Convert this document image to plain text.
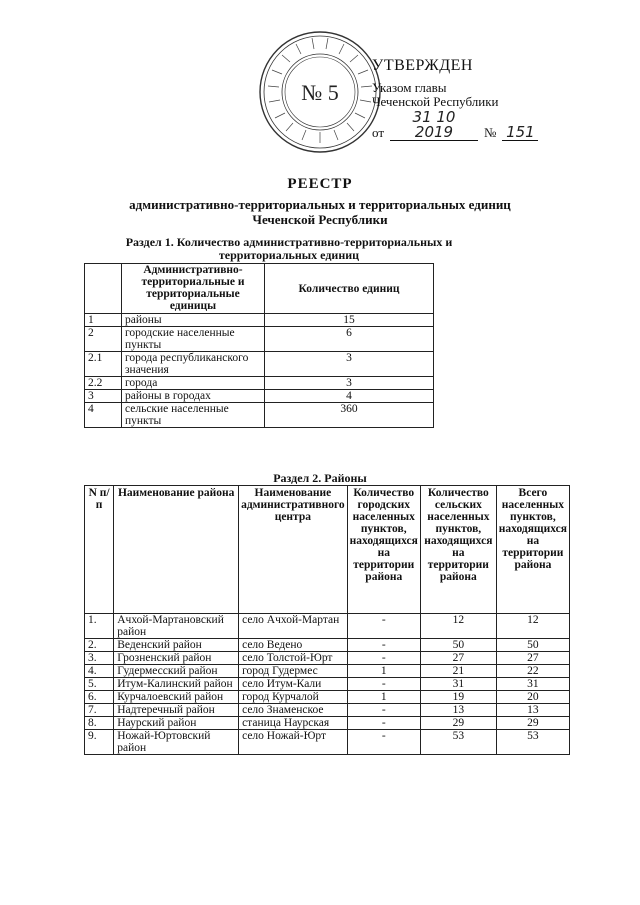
№ 5
УТВЕРЖДЕН
Указом главы
Чеченской Республики
от
31 10 2019	№ 151
РЕЕСТР
административно-территориальных и территориальных единиц
Чеченской Республики
Раздел 1. Количество административно-территориальных и территориальных единиц
	Административно-территориальные и территориальные единицы	Количество единиц
1	районы	15
2	городские населенные пункты	6
2.1	города республиканского значения	3
2.2	города	3
3	районы в городах	4
4	сельские населенные пункты	360
Раздел 2. Районы
N п/п	Наименование района	Наименование административного центра	Количество городских населенных пунктов, находящихся на территории района	Количество сельских населенных пунктов, находящихся на территории района	Всего населенных пунктов, находящихся на территории района
1.	Ачхой-Мартановский район	село Ачхой-Мартан	-	12	12
2.	Веденский район	село Ведено	-	50	50
3.	Грозненский район	село Толстой-Юрт	-	27	27
4.	Гудермесский район	город Гудермес	1	21	22
5.	Итум-Калинский район	село Итум-Кали	-	31	31
6.	Курчалоевский район	город Курчалой	1	19	20
7.	Надтеречный район	село Знаменское	-	13	13
8.	Наурский район	станица Наурская	-	29	29
9.	Ножай-Юртовский район	село Ножай-Юрт	-	53	53
